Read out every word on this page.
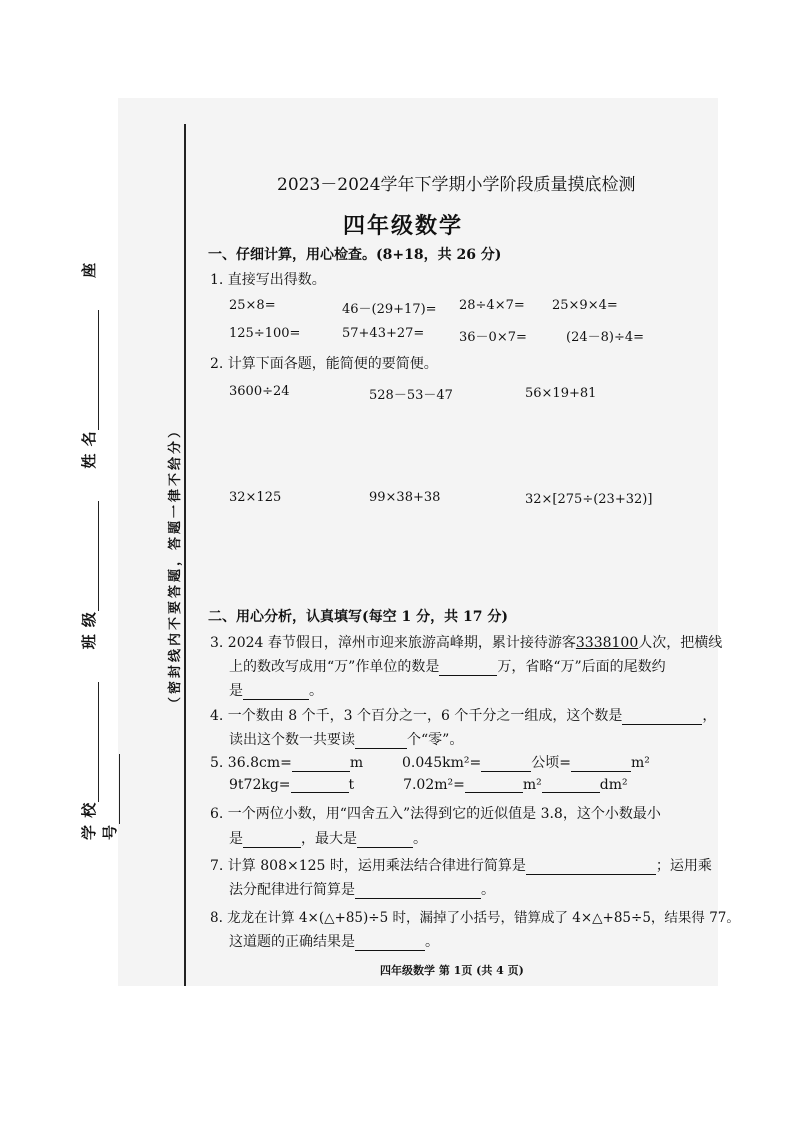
学 校  班 级  姓 名  座 号
（密封线内不要答题，答题一律不给分）
2023－2024学年下学期小学阶段质量摸底检测
四年级数学
一、仔细计算，用心检查。(8+18，共 26 分)
1. 直接写出得数。
25×8=	46－(29+17)= 28÷4×7= 25×9×4=
125÷100=	57+43+27=	36－0×7=	(24－8)÷4=
2. 计算下面各题，能简便的要简便。
3600÷24	528－53－47	56×19+81
32×125	99×38+38	32×[275÷(23+32)]
二、用心分析，认真填写(每空 1 分，共 17 分)
3. 2024 春节假日，漳州市迎来旅游高峰期，累计接待游客3338100人次，把横线
上的数改写成用“万”作单位的数是	万，省略“万”后面的尾数约
是	。
4. 一个数由 8 个千，3 个百分之一，6 个千分之一组成，这个数是	，
读出这个数一共要读	个“零”。
5. 36.8cm=	m	0.045km²=	公顷=	m²
9t72kg=	t	7.02m²=	m²	dm²
6. 一个两位小数，用“四舍五入”法得到它的近似值是 3.8，这个小数最小
是	，最大是	。
7. 计算 808×125 时，运用乘法结合律进行简算是	；运用乘
法分配律进行简算是	。
8. 龙龙在计算 4×(△+85)÷5 时，漏掉了小括号，错算成了 4×△+85÷5，结果得 77。
这道题的正确结果是	。
四年级数学 第 1页 (共 4 页)
